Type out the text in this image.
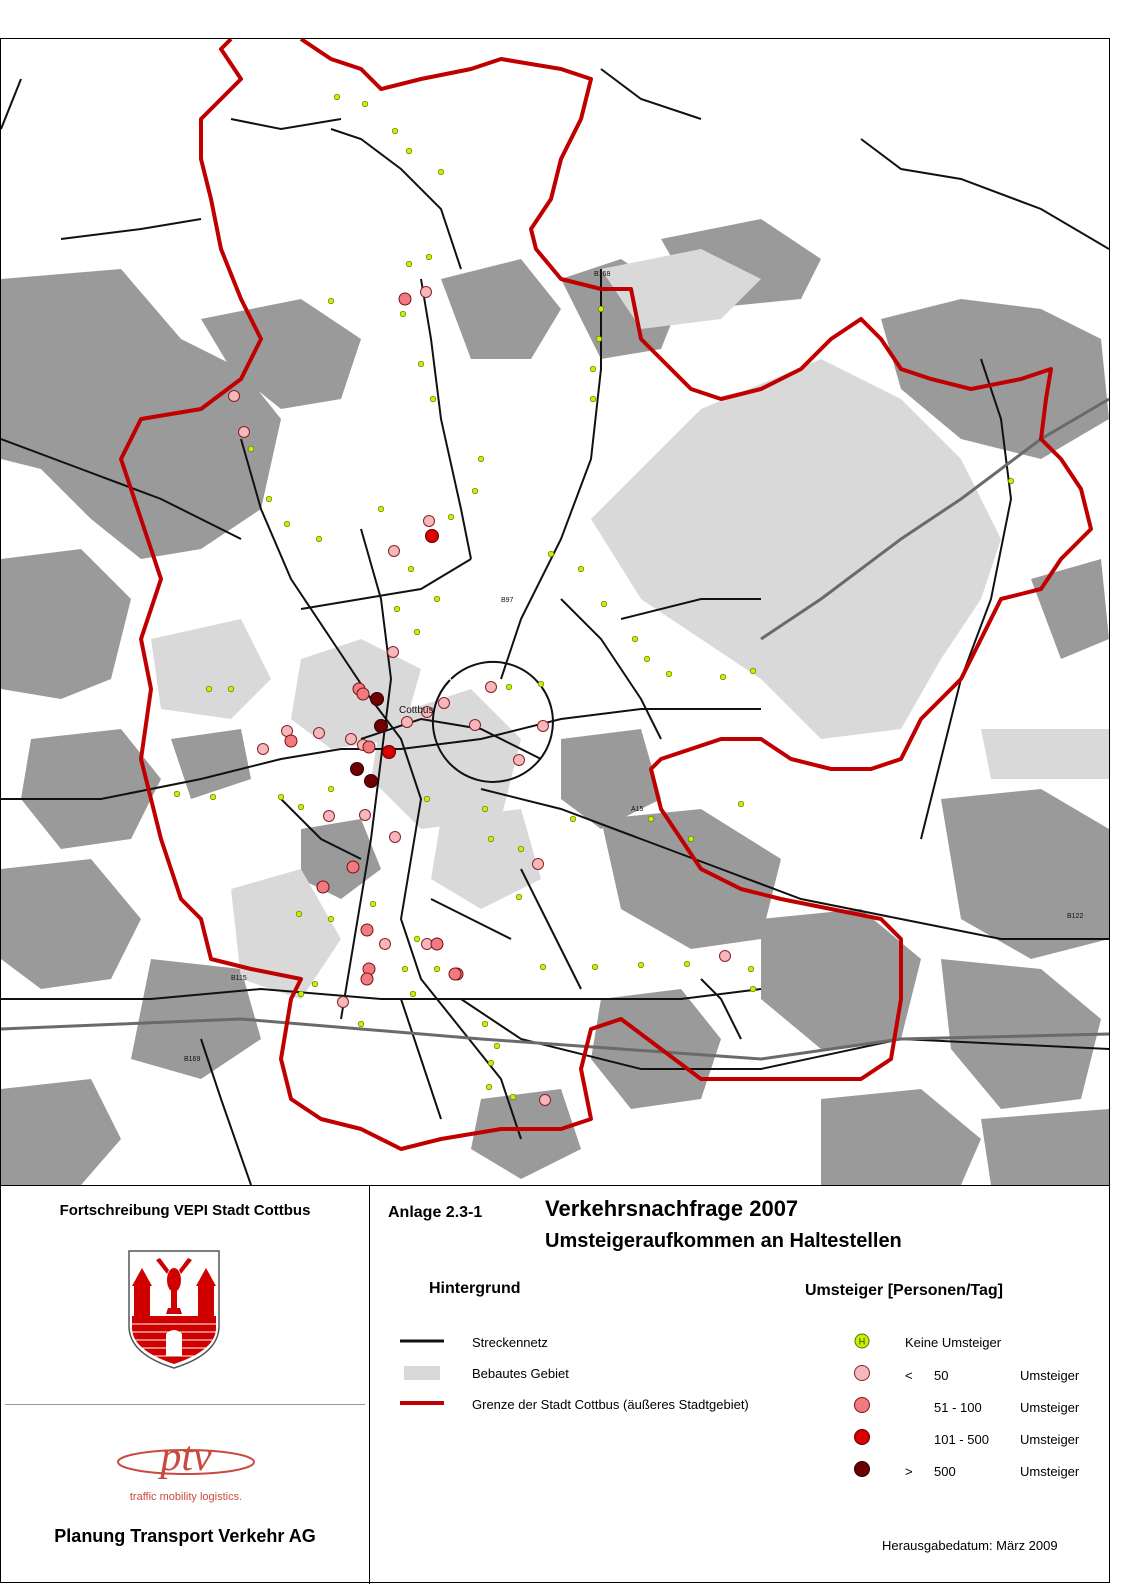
Cottbus
B168
B169
B97
B115
B122
A15
Fortschreibung VEPI Stadt Cottbus
ptv
traffic mobility logistics.
Planung Transport Verkehr AG
Anlage 2.3-1	Verkehrsnachfrage 2007
Umsteigeraufkommen an Haltestellen
Hintergrund
Streckennetz
Bebautes Gebiet
Grenze der Stadt Cottbus (äußeres Stadtgebiet)
Umsteiger [Personen/Tag]
H	Keine Umsteiger
< 50	Umsteiger
51 - 100	Umsteiger
101 - 500 Umsteiger
> 500	Umsteiger
Herausgabedatum: März 2009
